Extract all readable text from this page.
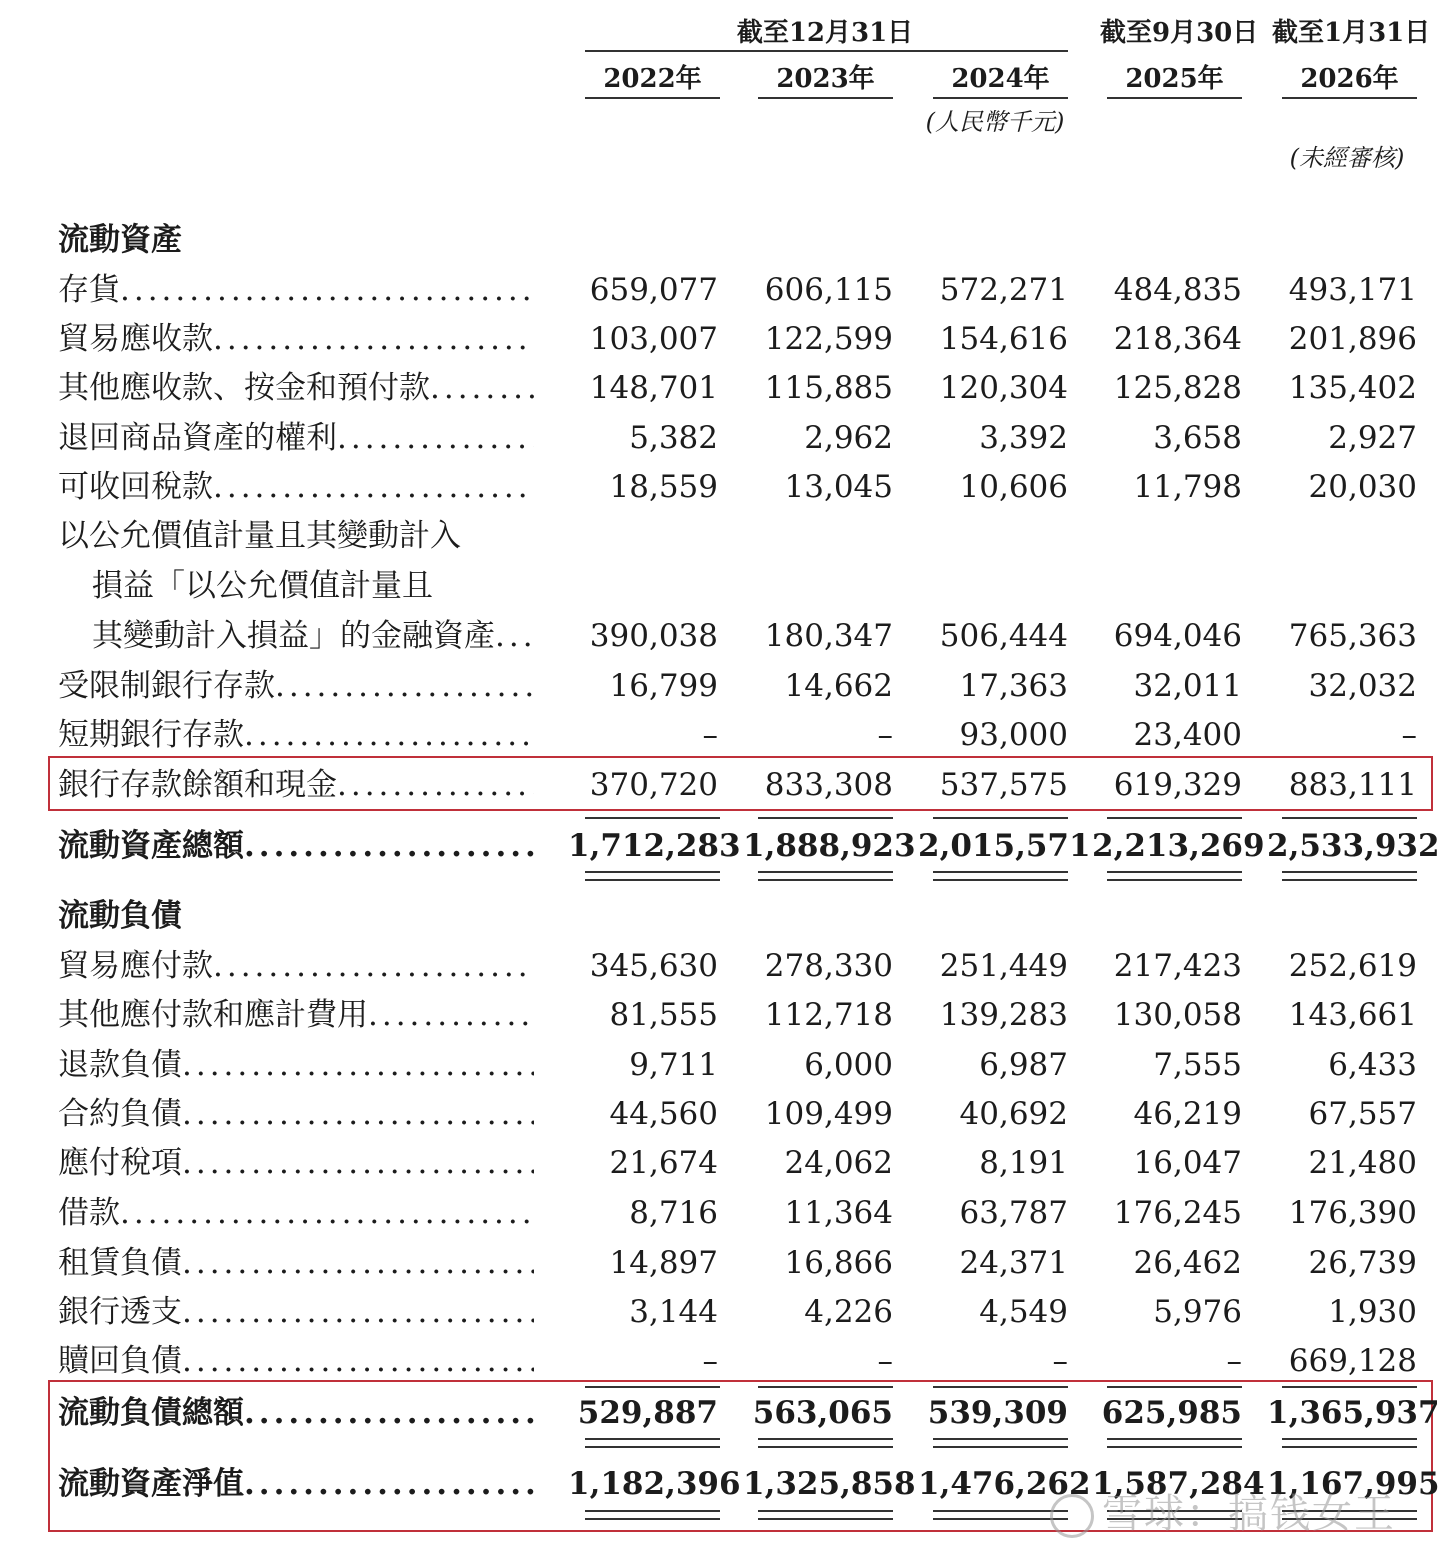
截至12月31日	截至9月30日 截至1月31日
2022年	2023年	2024年	2025年	2026年
(人民幣千元)
(未經審核)
流動資產
存貨 .....	659,077	606,115	572,271	484,835	493,171
貿易應收款 .....	103,007	122,599	154,616	218,364	201,896
其他應收款、按金和預付款 .....	148,701	115,885	120,304	125,828	135,402
退回商品資產的權利 .....	5,382	2,962	3,392	3,658	2,927
可收回稅款 .....	18,559	13,045	10,606	11,798	20,030
以公允價值計量且其變動計入
損益「以公允價值計量且
其變動計入損益」的金融資產 .....	390,038	180,347	506,444	694,046	765,363
受限制銀行存款 .....	16,799	14,662	17,363	32,011	32,032
短期銀行存款 .....	–	–	93,000	23,400	–
銀行存款餘額和現金 .....	370,720	833,308	537,575	619,329	883,111
流動資產總額 .....	1,712,283 1,888,923 2,015,571 2,213,269 2,533,932
流動負債
貿易應付款 .....	345,630	278,330	251,449	217,423	252,619
其他應付款和應計費用 .....	81,555	112,718	139,283	130,058	143,661
退款負債 .....	9,711	6,000	6,987	7,555	6,433
合約負債 .....	44,560	109,499	40,692	46,219	67,557
應付稅項 .....	21,674	24,062	8,191	16,047	21,480
借款 .....	8,716	11,364	63,787	176,245	176,390
租賃負債 .....	14,897	16,866	24,371	26,462	26,739
銀行透支 .....	3,144	4,226	4,549	5,976	1,930
贖回負債 .....	–	–	–	–	669,128
流動負債總額 .....	529,887	563,065	539,309	625,985 1,365,937
流動資產淨值 .....	1,182,396 1,325,858 1,476,262 1,587,284 1,167,995
雪球：搞钱女王
